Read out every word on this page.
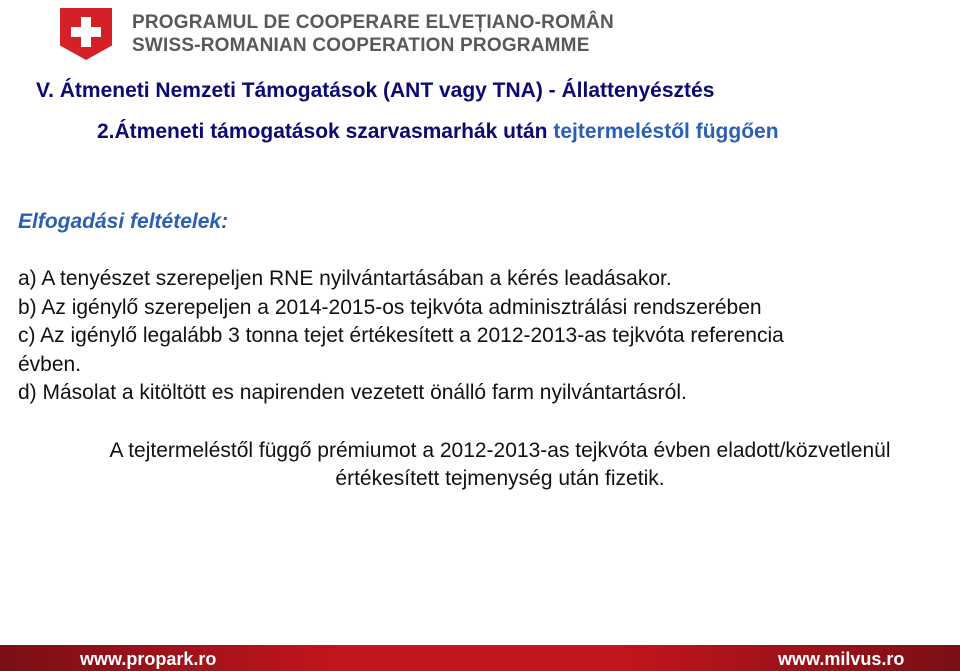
PROGRAMUL DE COOPERARE ELVEȚIANO-ROMÂN
SWISS-ROMANIAN COOPERATION PROGRAMME
V. Átmeneti Nemzeti Támogatások (ANT vagy TNA) - Állattenyésztés
2.Átmeneti támogatások szarvasmarhák után tejtermeléstől függően
Elfogadási feltételek:
a) A tenyészet szerepeljen RNE nyilvántartásában a kérés leadásakor.
b) Az igénylő szerepeljen a 2014-2015-os tejkvóta adminisztrálási rendszerében
c) Az igénylő legalább 3 tonna tejet értékesített a 2012-2013-as tejkvóta referencia
évben.
d) Másolat a kitöltött es napirenden vezetett önálló farm nyilvántartásról.
A tejtermeléstől függő prémiumot a 2012-2013-as tejkvóta évben eladott/közvetlenül
értékesített tejmenység után fizetik.
www.propark.ro	www.milvus.ro
